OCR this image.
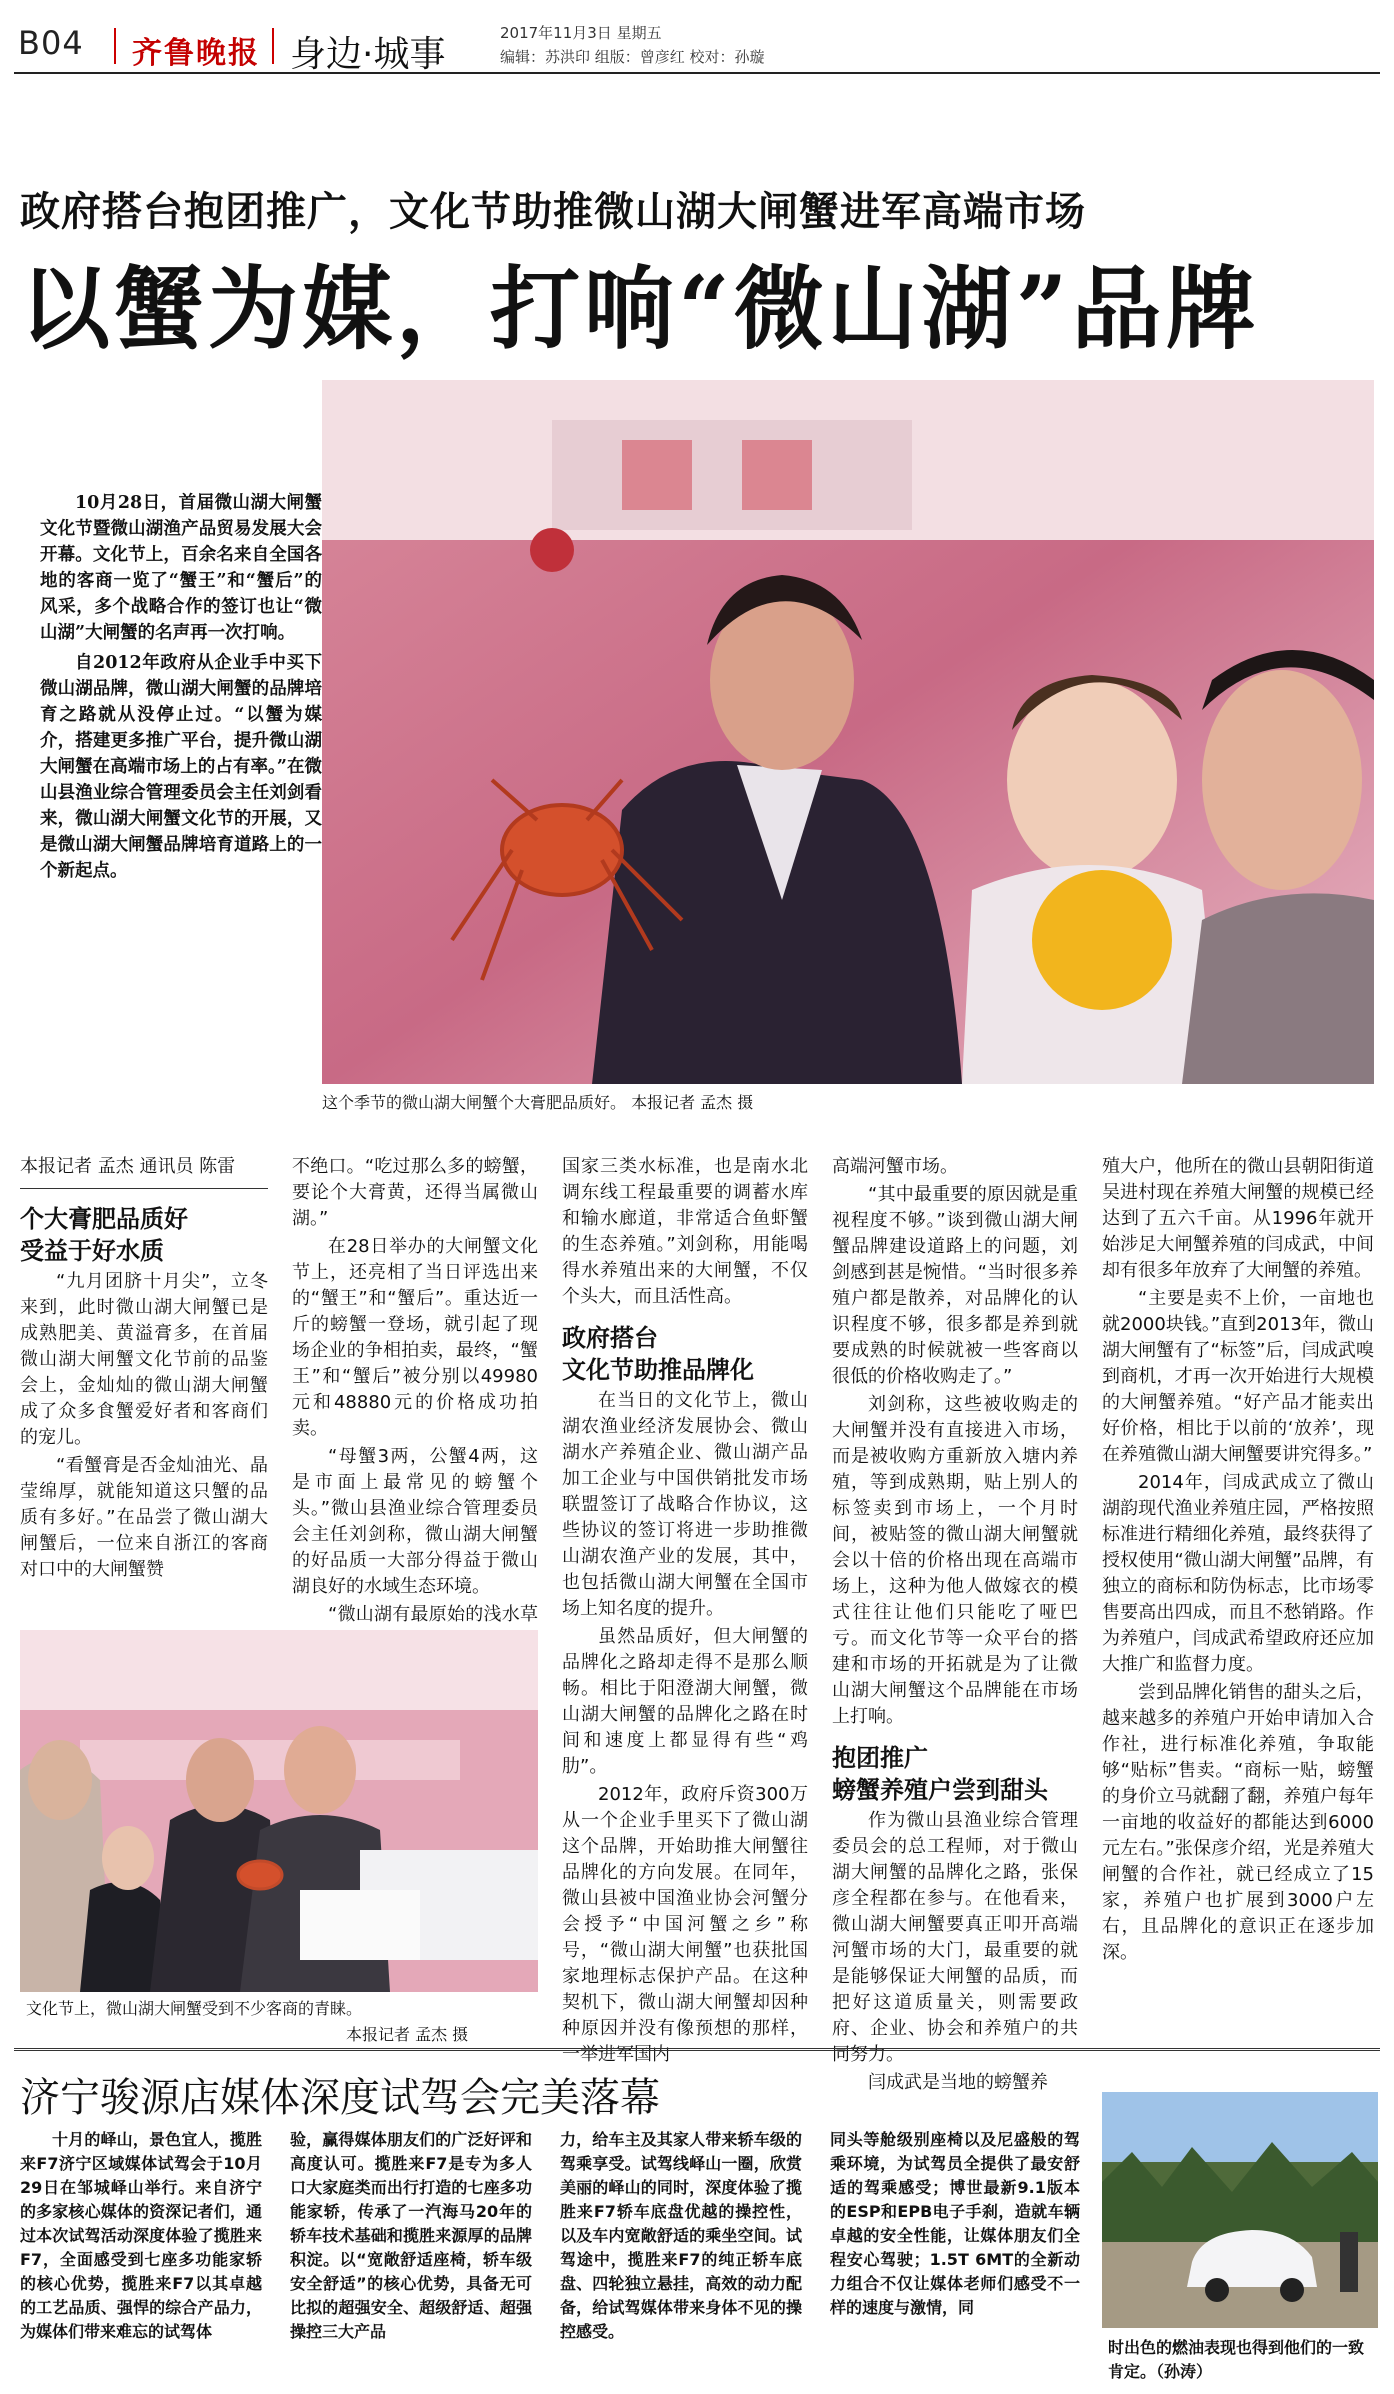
B04 齐鲁晚报 身边·城事
2017年11月3日 星期五
编辑：苏洪印 组版：曾彦红 校对：孙璇
政府搭台抱团推广，文化节助推微山湖大闸蟹进军高端市场
以蟹为媒，打响“微山湖”品牌

10月28日，首届微山湖大闸蟹文化节暨微山湖渔产品贸易发展大会开幕。文化节上，百余名来自全国各地的客商一览了“蟹王”和“蟹后”的风采，多个战略合作的签订也让“微山湖”大闸蟹的名声再一次打响。

自2012年政府从企业手中买下微山湖品牌，微山湖大闸蟹的品牌培育之路就从没停止过。“以蟹为媒介，搭建更多推广平台，提升微山湖大闸蟹在高端市场上的占有率。”在微山县渔业综合管理委员会主任刘剑看来，微山湖大闸蟹文化节的开展，又是微山湖大闸蟹品牌培育道路上的一个新起点。

这个季节的微山湖大闸蟹个大膏肥品质好。 本报记者 孟杰 摄

本报记者 孟杰 通讯员 陈雷

个大膏肥品质好
受益于好水质

“九月团脐十月尖”，立冬来到，此时微山湖大闸蟹已是成熟肥美、黄溢膏多，在首届微山湖大闸蟹文化节前的品鉴会上，金灿灿的微山湖大闸蟹成了众多食蟹爱好者和客商们的宠儿。

“看蟹膏是否金灿油光、晶莹绵厚，就能知道这只蟹的品质有多好。”在品尝了微山湖大闸蟹后，一位来自浙江的客商对口中的大闸蟹赞

不绝口。“吃过那么多的螃蟹，要论个大膏黄，还得当属微山湖。”

在28日举办的大闸蟹文化节上，还亮相了当日评选出来的“蟹王”和“蟹后”。重达近一斤的螃蟹一登场，就引起了现场企业的争相拍卖，最终，“蟹王”和“蟹后”被分别以49980元和48880元的价格成功拍卖。

“母蟹3两，公蟹4两，这是市面上最常见的螃蟹个头。”微山县渔业综合管理委员会主任刘剑称，微山湖大闸蟹的好品质一大部分得益于微山湖良好的水域生态环境。

“微山湖有最原始的浅水草

文化节上，微山湖大闸蟹受到不少客商的青睐。
本报记者 孟杰 摄

国家三类水标准，也是南水北调东线工程最重要的调蓄水库和输水廊道，非常适合鱼虾蟹的生态养殖。”刘剑称，用能喝得水养殖出来的大闸蟹，不仅个头大，而且活性高。

政府搭台
文化节助推品牌化

在当日的文化节上，微山湖农渔业经济发展协会、微山湖水产养殖企业、微山湖产品加工企业与中国供销批发市场联盟签订了战略合作协议，这些协议的签订将进一步助推微山湖农渔产业的发展，其中，也包括微山湖大闸蟹在全国市场上知名度的提升。

虽然品质好，但大闸蟹的品牌化之路却走得不是那么顺畅。相比于阳澄湖大闸蟹，微山湖大闸蟹的品牌化之路在时间和速度上都显得有些“鸡肋”。

2012年，政府斥资300万从一个企业手里买下了微山湖这个品牌，开始助推大闸蟹往品牌化的方向发展。在同年，微山县被中国渔业协会河蟹分会授予“中国河蟹之乡”称号，“微山湖大闸蟹”也获批国家地理标志保护产品。在这种契机下，微山湖大闸蟹却因种种原因并没有像预想的那样，一举进军国内

高端河蟹市场。

“其中最重要的原因就是重视程度不够。”谈到微山湖大闸蟹品牌建设道路上的问题，刘剑感到甚是惋惜。“当时很多养殖户都是散养，对品牌化的认识程度不够，很多都是养到就要成熟的时候就被一些客商以很低的价格收购走了。”

刘剑称，这些被收购走的大闸蟹并没有直接进入市场，而是被收购方重新放入塘内养殖，等到成熟期，贴上别人的标签卖到市场上，一个月时间，被贴签的微山湖大闸蟹就会以十倍的价格出现在高端市场上，这种为他人做嫁衣的模式往往让他们只能吃了哑巴亏。而文化节等一众平台的搭建和市场的开拓就是为了让微山湖大闸蟹这个品牌能在市场上打响。

抱团推广
螃蟹养殖户尝到甜头

作为微山县渔业综合管理委员会的总工程师，对于微山湖大闸蟹的品牌化之路，张保彦全程都在参与。在他看来，微山湖大闸蟹要真正叩开高端河蟹市场的大门，最重要的就是能够保证大闸蟹的品质，而把好这道质量关，则需要政府、企业、协会和养殖户的共同努力。

闫成武是当地的螃蟹养

殖大户，他所在的微山县朝阳街道吴进村现在养殖大闸蟹的规模已经达到了五六千亩。从1996年就开始涉足大闸蟹养殖的闫成武，中间却有很多年放弃了大闸蟹的养殖。

“主要是卖不上价，一亩地也就2000块钱。”直到2013年，微山湖大闸蟹有了“标签”后，闫成武嗅到商机，才再一次开始进行大规模的大闸蟹养殖。“好产品才能卖出好价格，相比于以前的‘放养’，现在养殖微山湖大闸蟹要讲究得多。”

2014年，闫成武成立了微山湖韵现代渔业养殖庄园，严格按照标准进行精细化养殖，最终获得了授权使用“微山湖大闸蟹”品牌，有独立的商标和防伪标志，比市场零售要高出四成，而且不愁销路。作为养殖户，闫成武希望政府还应加大推广和监督力度。

尝到品牌化销售的甜头之后，越来越多的养殖户开始申请加入合作社，进行标准化养殖，争取能够“贴标”售卖。“商标一贴，螃蟹的身价立马就翻了翻，养殖户每年一亩地的收益好的都能达到6000元左右。”张保彦介绍，光是养殖大闸蟹的合作社，就已经成立了15家，养殖户也扩展到3000户左右，且品牌化的意识正在逐步加深。

济宁骏源店媒体深度试驾会完美落幕

十月的峄山，景色宜人，揽胜来F7济宁区域媒体试驾会于10月29日在邹城峄山举行。来自济宁的多家核心媒体的资深记者们，通过本次试驾活动深度体验了揽胜来F7，全面感受到七座多功能家轿的核心优势，揽胜来F7以其卓越的工艺品质、强悍的综合产品力，为媒体们带来难忘的试驾体

验，赢得媒体朋友们的广泛好评和高度认可。揽胜来F7是专为多人口大家庭类而出行打造的七座多功能家轿，传承了一汽海马20年的轿车技术基础和揽胜来源厚的品牌积淀。以“宽敞舒适座椅，轿车级安全舒适”的核心优势，具备无可比拟的超强安全、超级舒适、超强操控三大产品

力，给车主及其家人带来轿车级的驾乘享受。试驾线峄山一圈，欣赏美丽的峄山的同时，深度体验了揽胜来F7轿车底盘优越的操控性，以及车内宽敞舒适的乘坐空间。试驾途中，揽胜来F7的纯正轿车底盘、四轮独立悬挂，高效的动力配备，给试驾媒体带来身体不见的操控感受。

同头等舱级别座椅以及尼盛般的驾乘环境，为试驾员全提供了最安舒适的驾乘感受；博世最新9.1版本的ESP和EPB电子手刹，造就车辆卓越的安全性能，让媒体朋友们全程安心驾驶；1.5T 6MT的全新动力组合不仅让媒体老师们感受不一样的速度与激情，同

时出色的燃油表现也得到他们的一致肯定。（孙涛）
